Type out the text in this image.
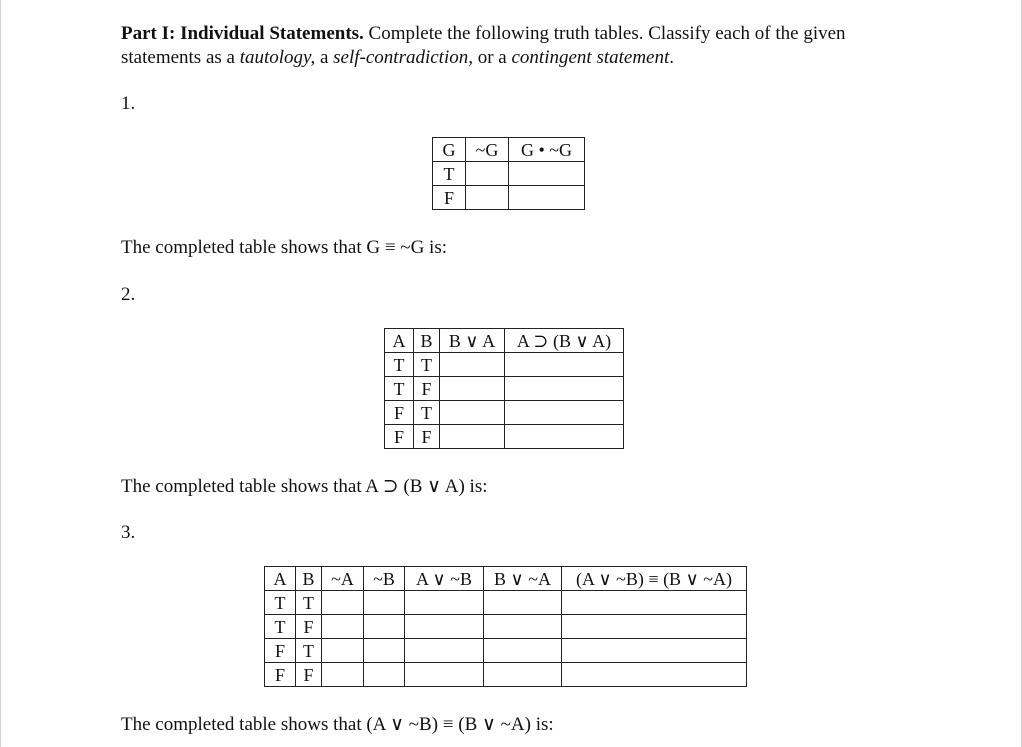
Part I: Individual Statements. Complete the following truth tables. Classify each of the given statements as a tautology, a self-contradiction, or a contingent statement.
1.
G	~G	G • ~G
T		
F		
The completed table shows that G ≡ ~G is:
2.
A	B	B ∨ A	A ⊃ (B ∨ A)
T	T		
T	F		
F	T		
F	F		
The completed table shows that A ⊃ (B ∨ A) is:
3.
A	B	~A	~B	A ∨ ~B	B ∨ ~A	(A ∨ ~B) ≡ (B ∨ ~A)
T	T					
T	F					
F	T					
F	F					
The completed table shows that (A ∨ ~B) ≡ (B ∨ ~A) is:
